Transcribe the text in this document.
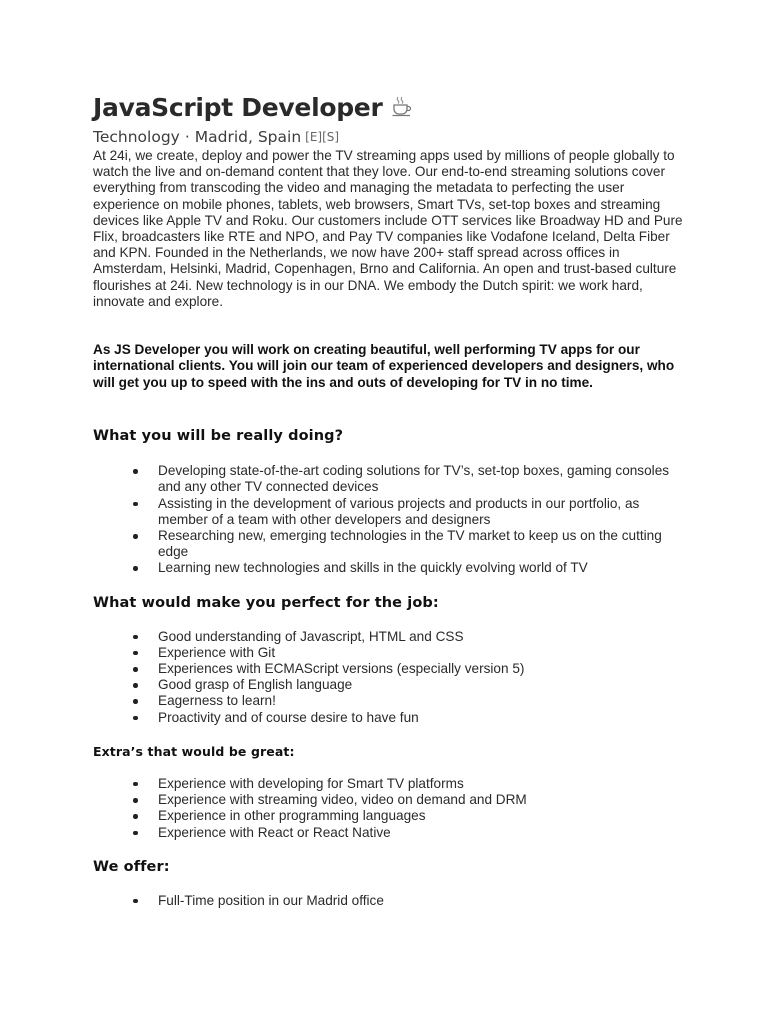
JavaScript Developer
Technology · Madrid, Spain [E][S]

At 24i, we create, deploy and power the TV streaming apps used by millions of people globally to watch the live and on-demand content that they love. Our end-to-end streaming solutions cover everything from transcoding the video and managing the metadata to perfecting the user experience on mobile phones, tablets, web browsers, Smart TVs, set-top boxes and streaming devices like Apple TV and Roku. Our customers include OTT services like Broadway HD and Pure Flix, broadcasters like RTE and NPO, and Pay TV companies like Vodafone Iceland, Delta Fiber and KPN. Founded in the Netherlands, we now have 200+ staff spread across offices in Amsterdam, Helsinki, Madrid, Copenhagen, Brno and California. An open and trust-based culture flourishes at 24i. New technology is in our DNA. We embody the Dutch spirit: we work hard, innovate and explore.

As JS Developer you will work on creating beautiful, well performing TV apps for our international clients. You will join our team of experienced developers and designers, who will get you up to speed with the ins and outs of developing for TV in no time.

What you will be really doing?
Developing state-of-the-art coding solutions for TV’s, set-top boxes, gaming consoles and any other TV connected devices
Assisting in the development of various projects and products in our portfolio, as member of a team with other developers and designers
Researching new, emerging technologies in the TV market to keep us on the cutting edge
Learning new technologies and skills in the quickly evolving world of TV
What would make you perfect for the job:
Good understanding of Javascript, HTML and CSS
Experience with Git
Experiences with ECMAScript versions (especially version 5)
Good grasp of English language
Eagerness to learn!
Proactivity and of course desire to have fun
Extra’s that would be great:
Experience with developing for Smart TV platforms
Experience with streaming video, video on demand and DRM
Experience in other programming languages
Experience with React or React Native
We offer:
Full-Time position in our Madrid office
